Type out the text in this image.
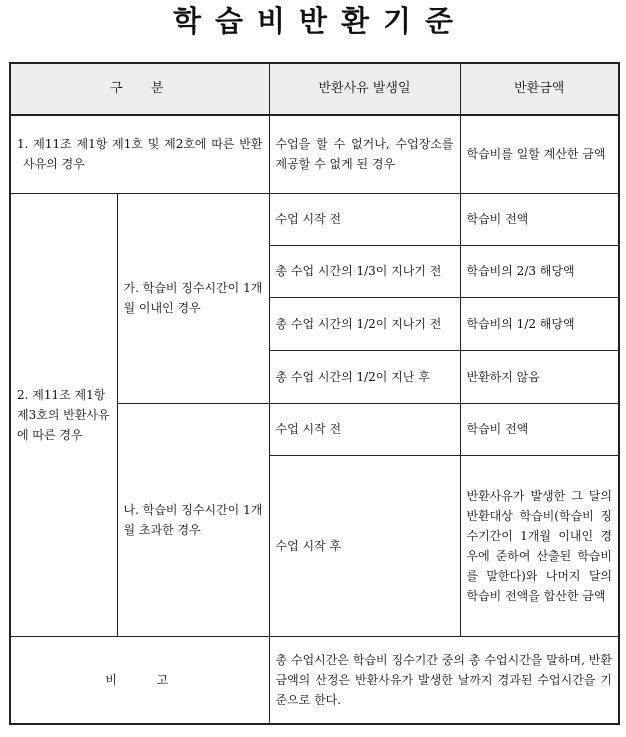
학습비반환기준
구 분		반환사유 발생일	반환금액
1. 제11조 제1항 제1호 및 제2호에 따른 반환사유의 경우		수업을 할 수 없거나, 수업장소를 제공할 수 없게 된 경우	학습비를 일할 계산한 금액
2. 제11조 제1항 제3호의 반환사유에 따른 경우	가. 학습비 징수시간이 1개월 이내인 경우	수업 시작 전	학습비 전액
		총 수업 시간의 1/3이 지나기 전	학습비의 2/3 해당액
		총 수업 시간의 1/2이 지나기 전	학습비의 1/2 해당액
		총 수업 시간의 1/2이 지난 후	반환하지 않음
	나. 학습비 징수시간이 1개월 초과한 경우	수업 시작 전	학습비 전액
		수업 시작 후	반환사유가 발생한 그 달의 반환대상 학습비(학습비 징수기간이 1개월 이내인 경우에 준하여 산출된 학습비를 말한다)와 나머지 달의 학습비 전액을 합산한 금액
비 고		총 수업시간은 학습비 징수기간 중의 총 수업시간을 말하며, 반환금액의 산정은 반환사유가 발생한 날까지 경과된 수업시간을 기준으로 한다.	
